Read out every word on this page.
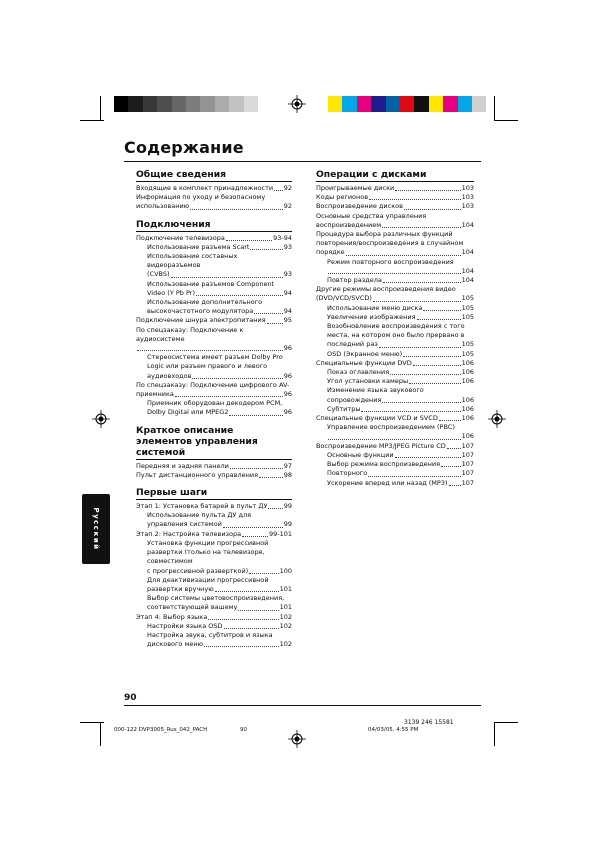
Содержание
Общие сведения
Входящие в комплект принадлежности 92
Информация по уходу и безопасному
использованию	92
Подключения
Подключение телевизора	93-94
Использование разъема Scart	93
Использование составных видеоразъемов
(CVBS)	93
Использование разъемов Component
Video (Y Pb Pr)	94
Использование дополнительного
высокочастотного модулятора	94
Подключение шнура электропитания	95
По спецзаказу: Подключение к аудиосистеме
96
Стереосистема имеет разъем Dolby Pro
Logic или разъем правого и левого
аудиовходов	96
По спецзаказу: Подключение цифрового AV-
приемника	96
Приемник оборудован декодером PCM,
Dolby Digital или MPEG2	96
Краткое описание элементов управления системой
Передняя и задняя панели	97
Пульт дистанционного управления	98
Первые шаги
Этап 1: Установка батарей в пульт ДУ	99
Использование пульта ДУ для
управления системой	99
Этап 2: Настройка телевизора	99-101
Установка функции прогрессивной
развертки (только на телевизоре, совместимом
с прогрессивной разверткой)	100
Для деактивизации прогрессивной
развертки вручную	101
Выбор системы цветовоспроизведения,
соответствующей вашему	101
Этап 4: Выбор языка	102
Настройки языка OSD	102
Настройка звука, субтитров и языка
дискового меню	102
Операции с дисками
Проигрываемые диски	103
Коды регионов	103
Воспроизведение дисков	103
Основные средства управления
воспроизведением	104
Процедура выбора различных функций
повторения/воспроизведения в случайном
порядке	104
Режим повторного воспроизведения
104
Повтор раздела	104
Другие режимы воспроизведения видео
(DVD/VCD/SVCD)	105
Использование меню диска	105
Увеличение изображения	105
Возобновление воспроизведения с того
места, на котором оно было прервано в
последний раз	105
OSD (Экранное меню)	105
Специальные функции DVD	106
Показ оглавления	106
Угол установки камеры	106
Изменение языка звукового
сопровождения	106
Субтитры	106
Специальные функции VCD и SVCD	106
Управление воспроизведением (PBC)
106
Воспроизведение MP3/JPEG Picture CD 107
Основные функции	107
Выбор режима воспроизведения	107
Повторного	107
Ускорение вперед или назад (MP3) 107
Русский
90
000-122 DVP3005_Rus_042_PACH	90
3139 246 15581
04/03/05, 4:55 PM
